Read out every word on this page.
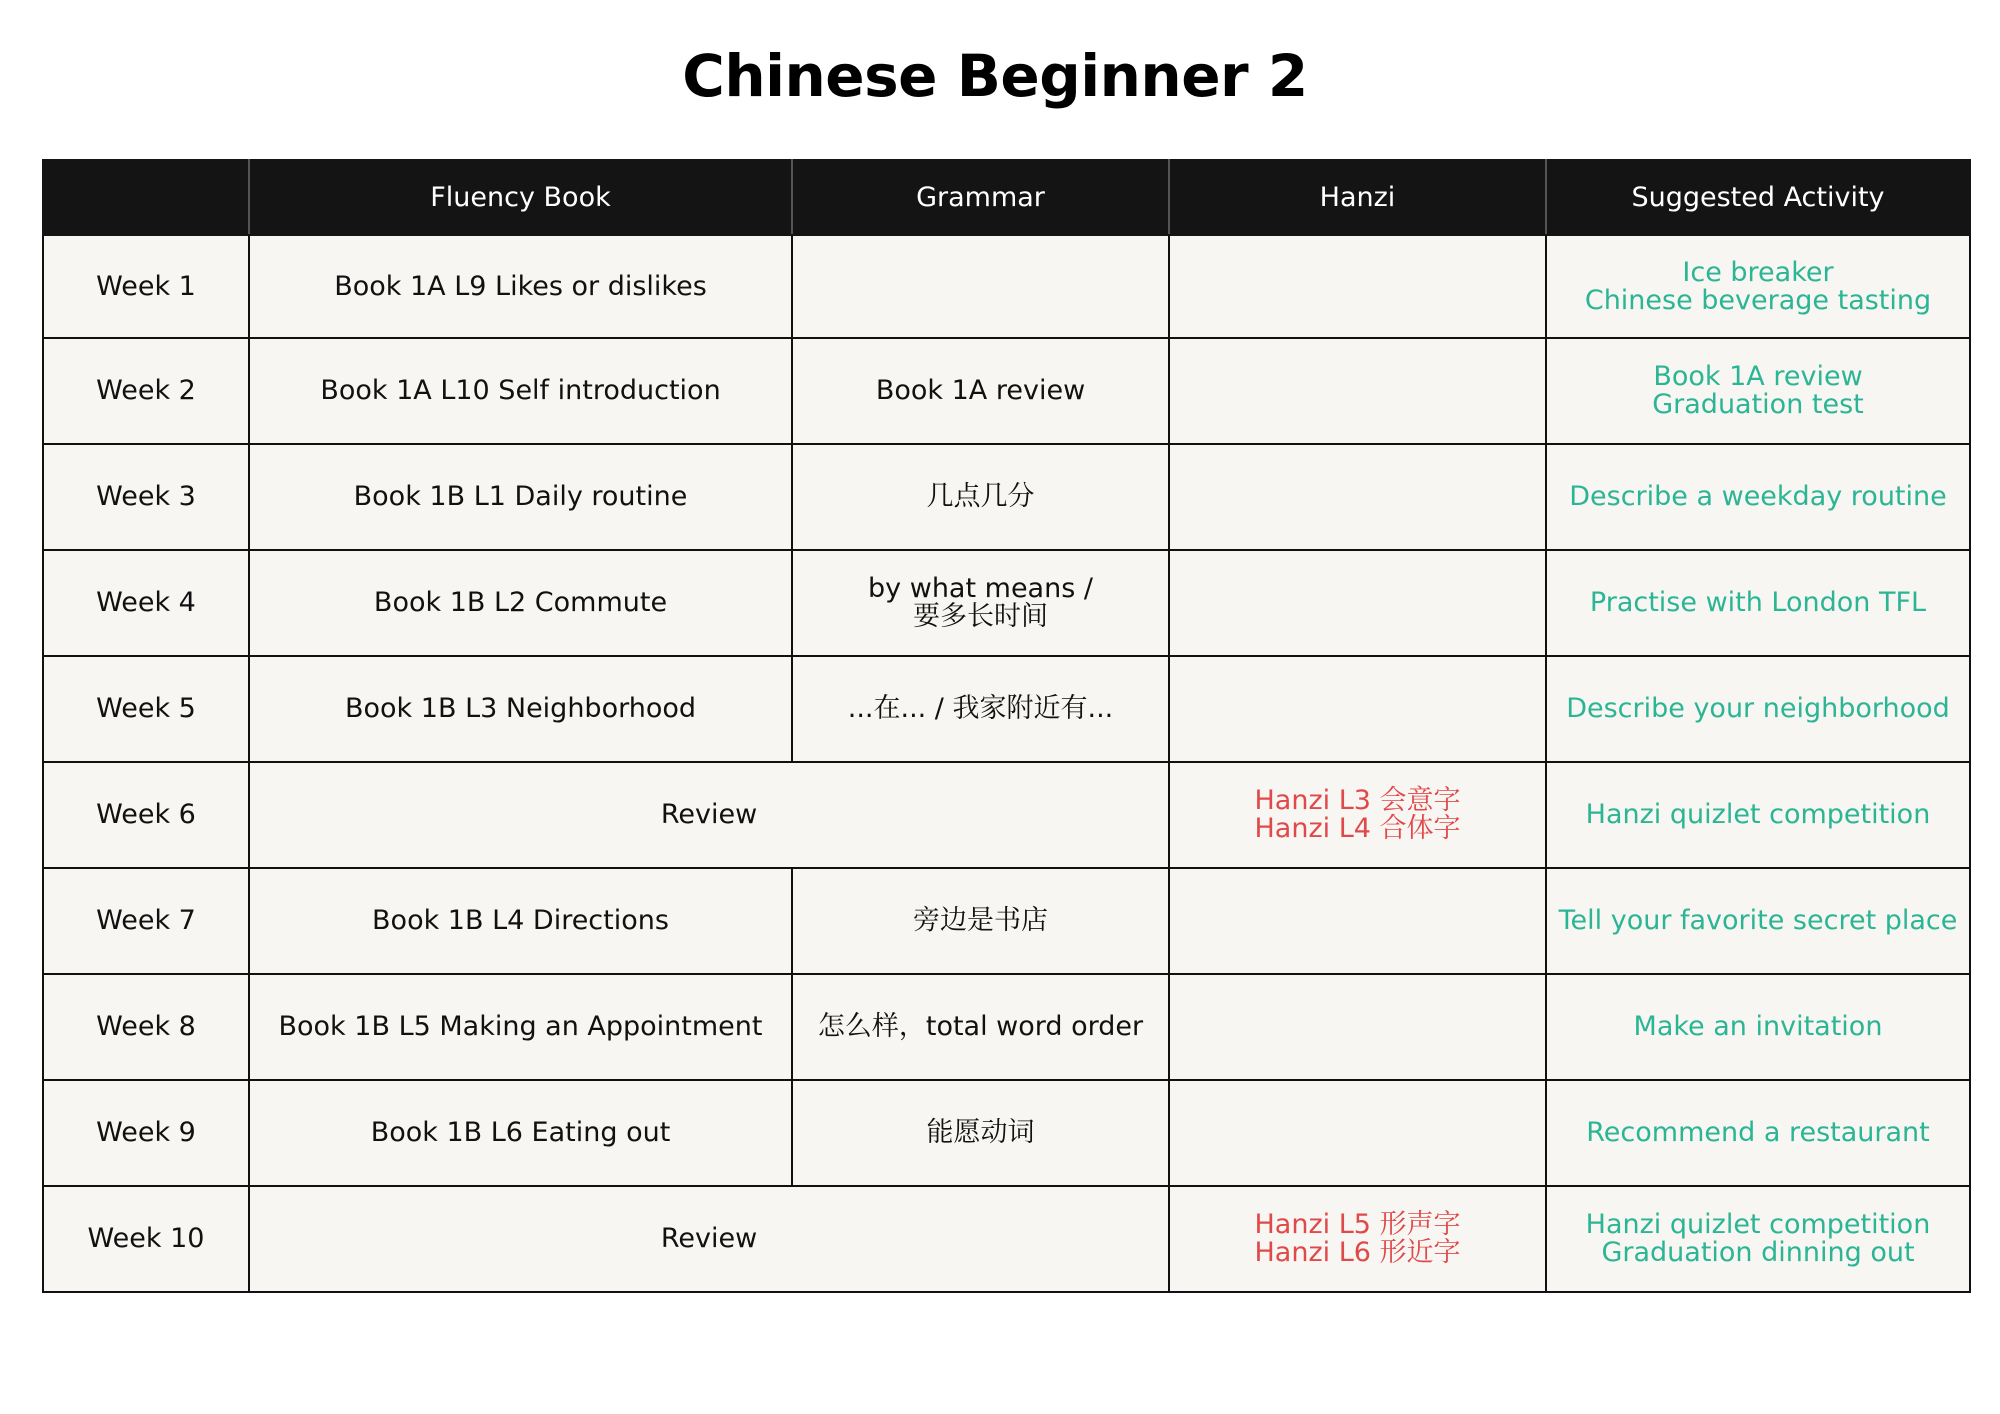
Chinese Beginner 2
	Fluency Book	Grammar	Hanzi	Suggested Activity
Week 1	Book 1A L9 Likes or dislikes			Ice breaker
Chinese beverage tasting
Week 2	Book 1A L10 Self introduction	Book 1A review		Book 1A review
Graduation test
Week 3	Book 1B L1 Daily routine	几点几分		Describe a weekday routine
Week 4	Book 1B L2 Commute	by what means /
要多长时间		Practise with London TFL
Week 5	Book 1B L3 Neighborhood	...在... / 我家附近有...		Describe your neighborhood
Week 6	Review		Hanzi L3 会意字
Hanzi L4 合体字	Hanzi quizlet competition
Week 7	Book 1B L4 Directions	旁边是书店		Tell your favorite secret place
Week 8	Book 1B L5 Making an Appointment	怎么样，total word order		Make an invitation
Week 9	Book 1B L6 Eating out	能愿动词		Recommend a restaurant
Week 10	Review		Hanzi L5 形声字
Hanzi L6 形近字	Hanzi quizlet competition
Graduation dinning out
